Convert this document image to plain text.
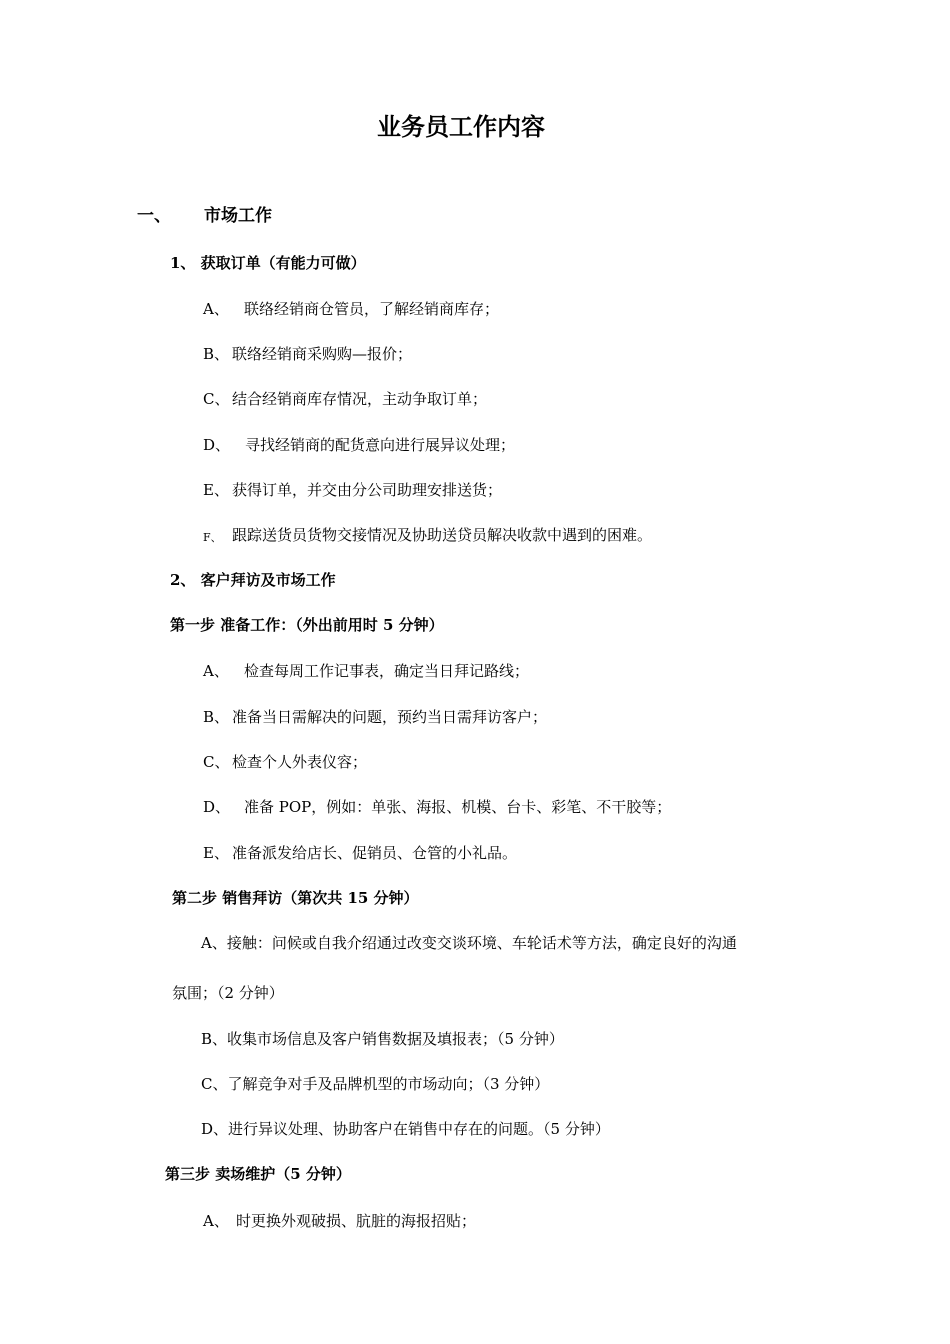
业务员工作内容
一、 市场工作
1、 获取订单（有能力可做）
A、 联络经销商仓管员，了解经销商库存；
B、 联络经销商采购购—报价；
C、 结合经销商库存情况，主动争取订单；
D、 寻找经销商的配货意向进行展异议处理；
E、 获得订单，并交由分公司助理安排送货；
F、 跟踪送货员货物交接情况及协助送贷员解决收款中遇到的困难。
2、 客户拜访及市场工作
第一步 准备工作：（外出前用时 5 分钟）
A、 检查每周工作记事表，确定当日拜记路线；
B、 准备当日需解决的问题，预约当日需拜访客户；
C、 检查个人外表仪容；
D、 准备 POP，例如：单张、海报、机模、台卡、彩笔、不干胶等；
E、 准备派发给店长、促销员、仓管的小礼品。
第二步 销售拜访（第次共 15 分钟）
A、接触：问候或自我介绍通过改变交谈环境、车轮话术等方法，确定良好的沟通
氛围；（2 分钟）
B、收集市场信息及客户销售数据及填报表；（5 分钟）
C、了解竞争对手及品牌机型的市场动向；（3 分钟）
D、进行异议处理、协助客户在销售中存在的问题。（5 分钟）
第三步 卖场维护（5 分钟）
A、 时更换外观破损、肮脏的海报招贴；
